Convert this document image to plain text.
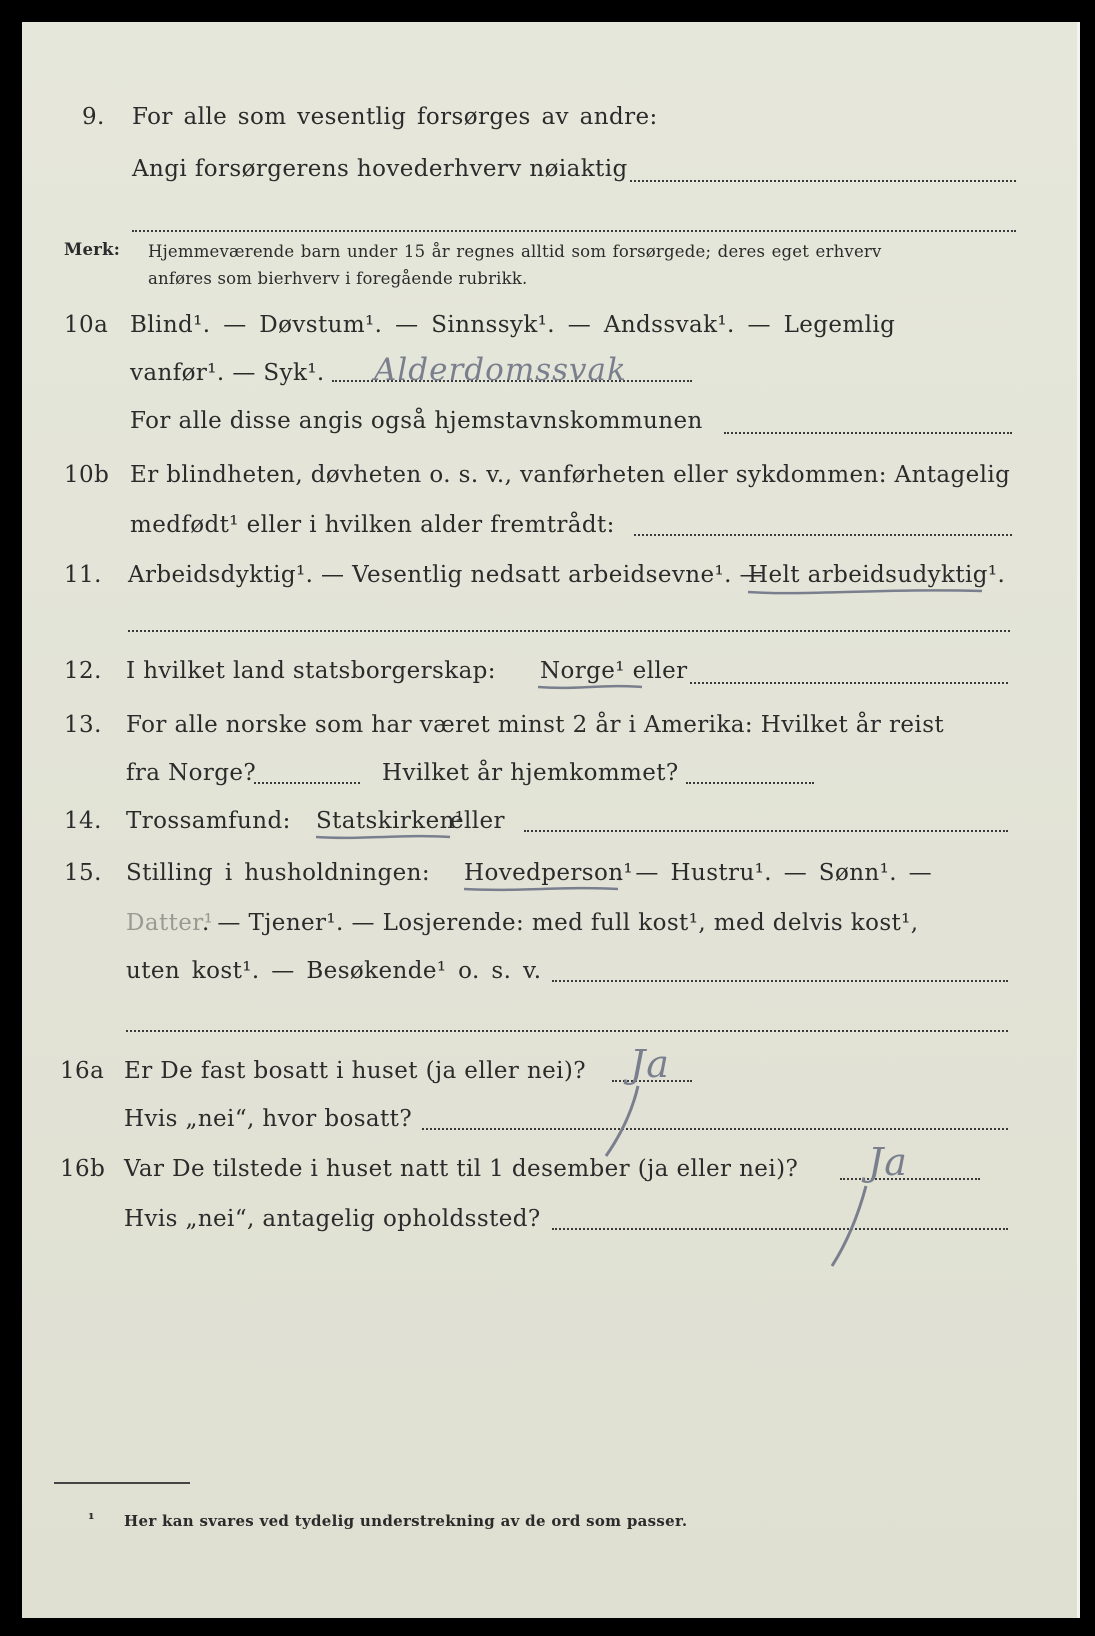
9. For alle som vesentlig forsørges av andre:
Angi forsørgerens hovederhverv nøiaktig
Merk: Hjemmeværende barn under 15 år regnes alltid som forsørgede; deres eget erhverv
anføres som bierhverv i foregående rubrikk.
10a Blind¹. — Døvstum¹. — Sinnssyk¹. — Andssvak¹. — Legemlig
vanfør¹. — Syk¹. Alderdomssvak
For alle disse angis også hjemstavnskommunen
10b Er blindheten, døvheten o. s. v., vanførheten eller sykdommen: Antagelig
medfødt¹ eller i hvilken alder fremtrådt:
11. Arbeidsdyktig¹. — Vesentlig nedsatt arbeidsevne¹. —
Helt arbeidsudyktig¹.
12. I hvilket land statsborgerskap: Norge¹ eller
13. For alle norske som har været minst 2 år i Amerika: Hvilket år reist
fra Norge?	Hvilket år hjemkommet?
14. Trossamfund: Statskirken¹
eller
15. Stilling i husholdningen: Hovedperson¹
. — Hustru¹. — Sønn¹. —
Datter¹
. — Tjener¹. — Losjerende: med full kost¹, med delvis kost¹,
uten kost¹. — Besøkende¹ o. s. v.
16a Er De fast bosatt i huset (ja eller nei)? Ja
Hvis „nei“, hvor bosatt?
16b Var De tilstede i huset natt til 1 desember (ja eller nei)? Ja
Hvis „nei“, antagelig opholdssted?
¹ Her kan svares ved tydelig understrekning av de ord som passer.
